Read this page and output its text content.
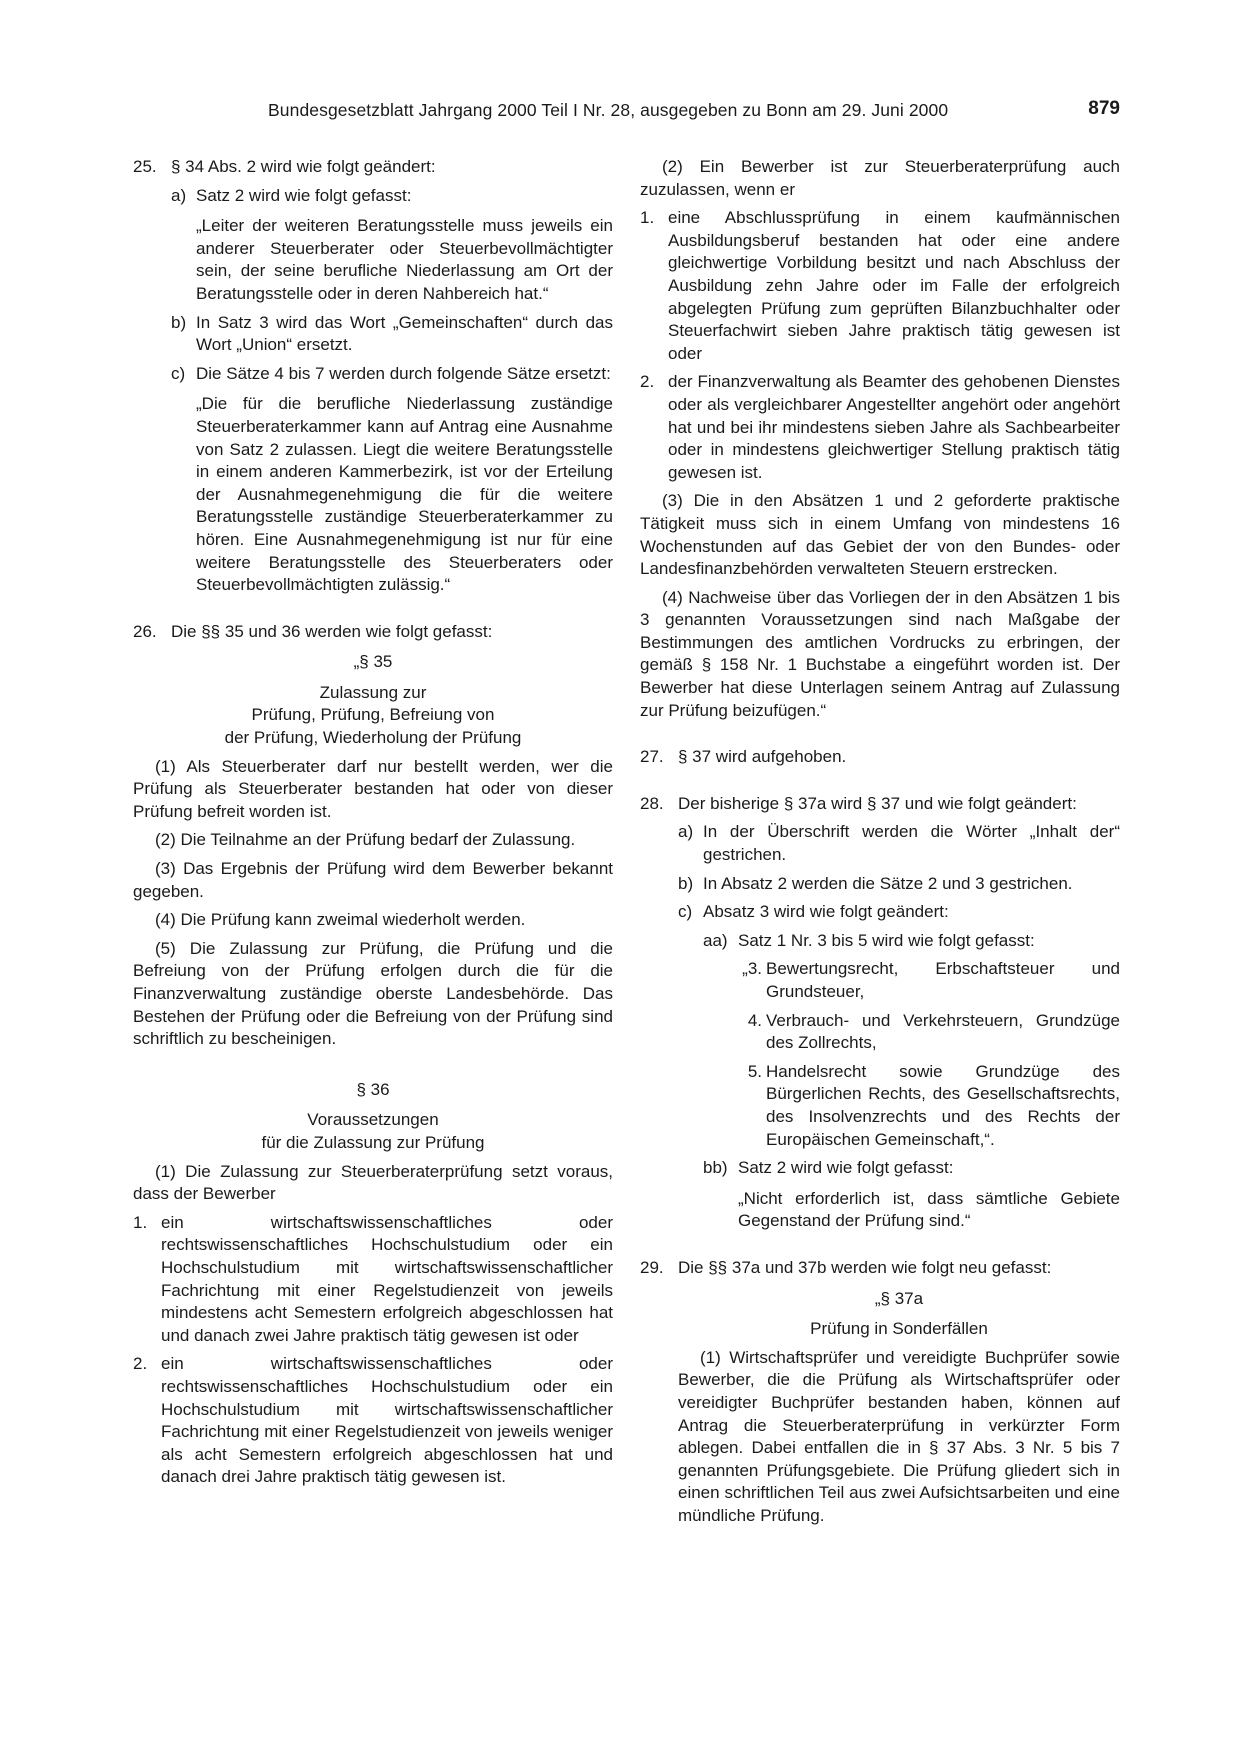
Bundesgesetzblatt Jahrgang 2000 Teil I Nr. 28, ausgegeben zu Bonn am 29. Juni 2000	879
25. § 34 Abs. 2 wird wie folgt geändert:

a) Satz 2 wird wie folgt gefasst:

„Leiter der weiteren Beratungsstelle muss jeweils ein anderer Steuerberater oder Steuerbevollmächtigter sein, der seine berufliche Niederlassung am Ort der Beratungsstelle oder in deren Nahbereich hat.“

b) In Satz 3 wird das Wort „Gemeinschaften“ durch das Wort „Union“ ersetzt.

c) Die Sätze 4 bis 7 werden durch folgende Sätze ersetzt:

„Die für die berufliche Niederlassung zuständige Steuerberaterkammer kann auf Antrag eine Ausnahme von Satz 2 zulassen. Liegt die weitere Beratungsstelle in einem anderen Kammerbezirk, ist vor der Erteilung der Ausnahmegenehmigung die für die weitere Beratungsstelle zuständige Steuerberaterkammer zu hören. Eine Ausnahmegenehmigung ist nur für eine weitere Beratungsstelle des Steuerberaters oder Steuerbevollmächtigten zulässig.“

26. Die §§ 35 und 36 werden wie folgt gefasst:

„§ 35

Zulassung zur

Prüfung, Prüfung, Befreiung von

der Prüfung, Wiederholung der Prüfung

(1) Als Steuerberater darf nur bestellt werden, wer die Prüfung als Steuerberater bestanden hat oder von dieser Prüfung befreit worden ist.

(2) Die Teilnahme an der Prüfung bedarf der Zulassung.

(3) Das Ergebnis der Prüfung wird dem Bewerber bekannt gegeben.

(4) Die Prüfung kann zweimal wiederholt werden.

(5) Die Zulassung zur Prüfung, die Prüfung und die Befreiung von der Prüfung erfolgen durch die für die Finanzverwaltung zuständige oberste Landesbehörde. Das Bestehen der Prüfung oder die Befreiung von der Prüfung sind schriftlich zu bescheinigen.

§ 36

Voraussetzungen

für die Zulassung zur Prüfung

(1) Die Zulassung zur Steuerberaterprüfung setzt voraus, dass der Bewerber

1. ein wirtschaftswissenschaftliches oder rechtswissenschaftliches Hochschulstudium oder ein Hochschulstudium mit wirtschaftswissenschaftlicher Fachrichtung mit einer Regelstudienzeit von jeweils mindestens acht Semestern erfolgreich abgeschlossen hat und danach zwei Jahre praktisch tätig gewesen ist oder

2. ein wirtschaftswissenschaftliches oder rechtswissenschaftliches Hochschulstudium oder ein Hochschulstudium mit wirtschaftswissenschaftlicher Fachrichtung mit einer Regelstudienzeit von jeweils weniger als acht Semestern erfolgreich abgeschlossen hat und danach drei Jahre praktisch tätig gewesen ist.

(2) Ein Bewerber ist zur Steuerberaterprüfung auch zuzulassen, wenn er

1. eine Abschlussprüfung in einem kaufmännischen Ausbildungsberuf bestanden hat oder eine andere gleichwertige Vorbildung besitzt und nach Abschluss der Ausbildung zehn Jahre oder im Falle der erfolgreich abgelegten Prüfung zum geprüften Bilanzbuchhalter oder Steuerfachwirt sieben Jahre praktisch tätig gewesen ist oder

2. der Finanzverwaltung als Beamter des gehobenen Dienstes oder als vergleichbarer Angestellter angehört oder angehört hat und bei ihr mindestens sieben Jahre als Sachbearbeiter oder in mindestens gleichwertiger Stellung praktisch tätig gewesen ist.

(3) Die in den Absätzen 1 und 2 geforderte praktische Tätigkeit muss sich in einem Umfang von mindestens 16 Wochenstunden auf das Gebiet der von den Bundes- oder Landesfinanzbehörden verwalteten Steuern erstrecken.

(4) Nachweise über das Vorliegen der in den Absätzen 1 bis 3 genannten Voraussetzungen sind nach Maßgabe der Bestimmungen des amtlichen Vordrucks zu erbringen, der gemäß § 158 Nr. 1 Buchstabe a eingeführt worden ist. Der Bewerber hat diese Unterlagen seinem Antrag auf Zulassung zur Prüfung beizufügen.“

27. § 37 wird aufgehoben.

28. Der bisherige § 37a wird § 37 und wie folgt geändert:

a) In der Überschrift werden die Wörter „Inhalt der“ gestrichen.

b) In Absatz 2 werden die Sätze 2 und 3 gestrichen.

c) Absatz 3 wird wie folgt geändert:

aa) Satz 1 Nr. 3 bis 5 wird wie folgt gefasst:

„3. Bewertungsrecht, Erbschaftsteuer und Grundsteuer,

4. Verbrauch- und Verkehrsteuern, Grundzüge des Zollrechts,

5. Handelsrecht sowie Grundzüge des Bürgerlichen Rechts, des Gesellschaftsrechts, des Insolvenzrechts und des Rechts der Europäischen Gemeinschaft,“.

bb) Satz 2 wird wie folgt gefasst:

„Nicht erforderlich ist, dass sämtliche Gebiete Gegenstand der Prüfung sind.“

29. Die §§ 37a und 37b werden wie folgt neu gefasst:

„§ 37a

Prüfung in Sonderfällen

(1) Wirtschaftsprüfer und vereidigte Buchprüfer sowie Bewerber, die die Prüfung als Wirtschaftsprüfer oder vereidigter Buchprüfer bestanden haben, können auf Antrag die Steuerberaterprüfung in verkürzter Form ablegen. Dabei entfallen die in § 37 Abs. 3 Nr. 5 bis 7 genannten Prüfungsgebiete. Die Prüfung gliedert sich in einen schriftlichen Teil aus zwei Aufsichtsarbeiten und eine mündliche Prüfung.
